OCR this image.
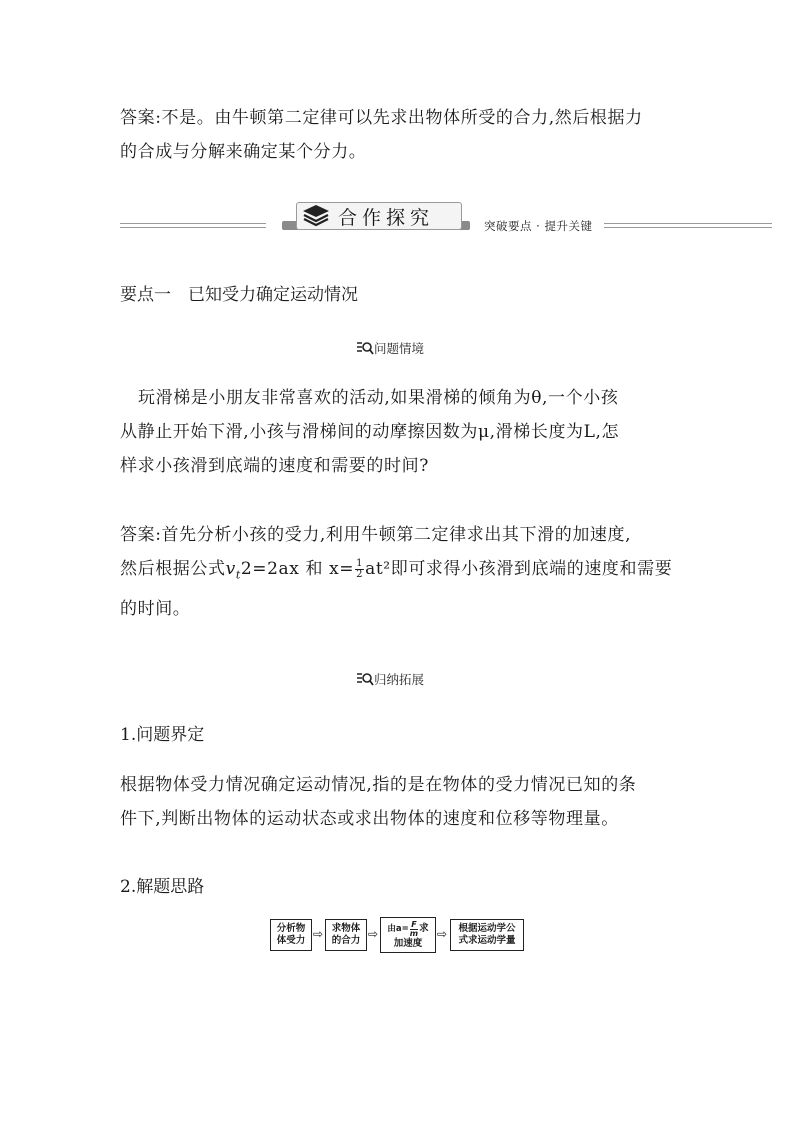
答案:不是。由牛顿第二定律可以先求出物体所受的合力,然后根据力
的合成与分解来确定某个分力。
合作探究	突破要点 · 提升关键
要点一　已知受力确定运动情况
问题情境
玩滑梯是小朋友非常喜欢的活动,如果滑梯的倾角为θ,一个小孩
从静止开始下滑,小孩与滑梯间的动摩擦因数为μ,滑梯长度为L,怎
样求小孩滑到底端的速度和需要的时间?
答案:首先分析小孩的受力,利用牛顿第二定律求出其下滑的加速度,
然后根据公式$v_t2=2ax$ 和 $x= \frac{1}{2} at^2$即可求得小孩滑到底端的速度和需要
的时间。
归纳拓展
1.问题界定
根据物体受力情况确定运动情况,指的是在物体的受力情况已知的条
件下,判断出物体的运动状态或求出物体的速度和位移等物理量。
2.解题思路
分析物
体受力 ⇨ 求物体
的合力 ⇨ 由$a= \frac{F}{m}$ 求
加速度
⇨ 根据运动学公
式求运动学量
